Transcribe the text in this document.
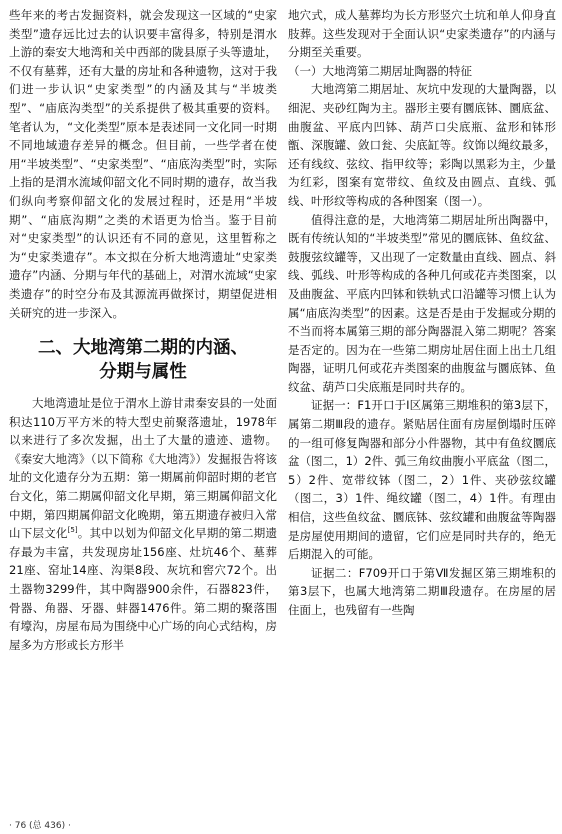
些年来的考古发掘资料，就会发现这一区域的“史家类型”遗存远比过去的认识要丰富得多，特别是渭水上游的秦安大地湾和关中西部的陇县原子头等遗址，不仅有墓葬，还有大量的房址和各种遗物，这对于我们进一步认识“史家类型”的内涵及其与“半坡类型”、“庙底沟类型”的关系提供了极其重要的资料。笔者认为，“文化类型”原本是表述同一文化同一时期不同地域遗存差异的概念。但目前，一些学者在使用“半坡类型”、“史家类型”、“庙底沟类型”时，实际上指的是渭水流域仰韶文化不同时期的遗存，故当我们纵向考察仰韶文化的发展过程时，还是用“半坡期”、“庙底沟期”之类的术语更为恰当。鉴于目前对“史家类型”的认识还有不同的意见，这里暂称之为“史家类遗存”。本文拟在分析大地湾遗址“史家类遗存”内涵、分期与年代的基础上，对渭水流域“史家类遗存”的时空分布及其源流再做探讨，期望促进相关研究的进一步深入。

二、大地湾第二期的内涵、
分期与属性

大地湾遗址是位于渭水上游甘肃秦安县的一处面积达110万平方米的特大型史前聚落遗址，1978年以来进行了多次发掘，出土了大量的遗迹、遗物。《秦安大地湾》（以下简称《大地湾》）发掘报告将该址的文化遗存分为五期：第一期属前仰韶时期的老官台文化，第二期属仰韶文化早期，第三期属仰韶文化中期，第四期属仰韶文化晚期，第五期遗存被归入常山下层文化[5]。其中以划为仰韶文化早期的第二期遗存最为丰富，共发现房址156座、灶坑46个、墓葬21座、窑址14座、沟渠8段、灰坑和窖穴72个。出土器物3299件，其中陶器900余件，石器823件，骨器、角器、牙器、蚌器1476件。第二期的聚落围有壕沟，房屋布局为围绕中心广场的向心式结构，房屋多为方形或长方形半

地穴式，成人墓葬均为长方形竖穴土坑和单人仰身直肢葬。这些发现对于全面认识“史家类遗存”的内涵与分期至关重要。

（一）大地湾第二期居址陶器的特征

大地湾第二期居址、灰坑中发现的大量陶器，以细泥、夹砂红陶为主。器形主要有圜底钵、圜底盆、曲腹盆、平底内凹钵、葫芦口尖底瓶、盆形和钵形甑、深腹罐、敛口瓮、尖底缸等。纹饰以绳纹最多，还有线纹、弦纹、指甲纹等；彩陶以黑彩为主，少量为红彩，图案有宽带纹、鱼纹及由圆点、直线、弧线、叶形纹等构成的各种图案（图一）。

值得注意的是，大地湾第二期居址所出陶器中，既有传统认知的“半坡类型”常见的圜底钵、鱼纹盆、鼓腹弦纹罐等，又出现了一定数量由直线、圆点、斜线、弧线、叶形等构成的各种几何或花卉类图案，以及曲腹盆、平底内凹钵和铁轨式口沿罐等习惯上认为属“庙底沟类型”的因素。这是否是由于发掘或分期的不当而将本属第三期的部分陶器混入第二期呢？答案是否定的。因为在一些第二期房址居住面上出土几组陶器，证明几何或花卉类图案的曲腹盆与圜底钵、鱼纹盆、葫芦口尖底瓶是同时共存的。

证据一：F1开口于Ⅰ区属第三期堆积的第3层下，属第二期Ⅲ段的遗存。紧贴居住面有房屋倒塌时压碎的一组可修复陶器和部分小件器物，其中有鱼纹圜底盆（图二，1）2件、弧三角纹曲腹小平底盆（图二，5）2件、宽带纹钵（图二，2）1件、夹砂弦纹罐（图二，3）1件、绳纹罐（图二，4）1件。有理由相信，这些鱼纹盆、圜底钵、弦纹罐和曲腹盆等陶器是房屋使用期间的遗留，它们应是同时共存的，绝无后期混入的可能。

证据二：F709开口于第Ⅶ发掘区第三期堆积的第3层下，也属大地湾第二期Ⅲ段遗存。在房屋的居住面上，也残留有一些陶

· 76 (总 436) ·
